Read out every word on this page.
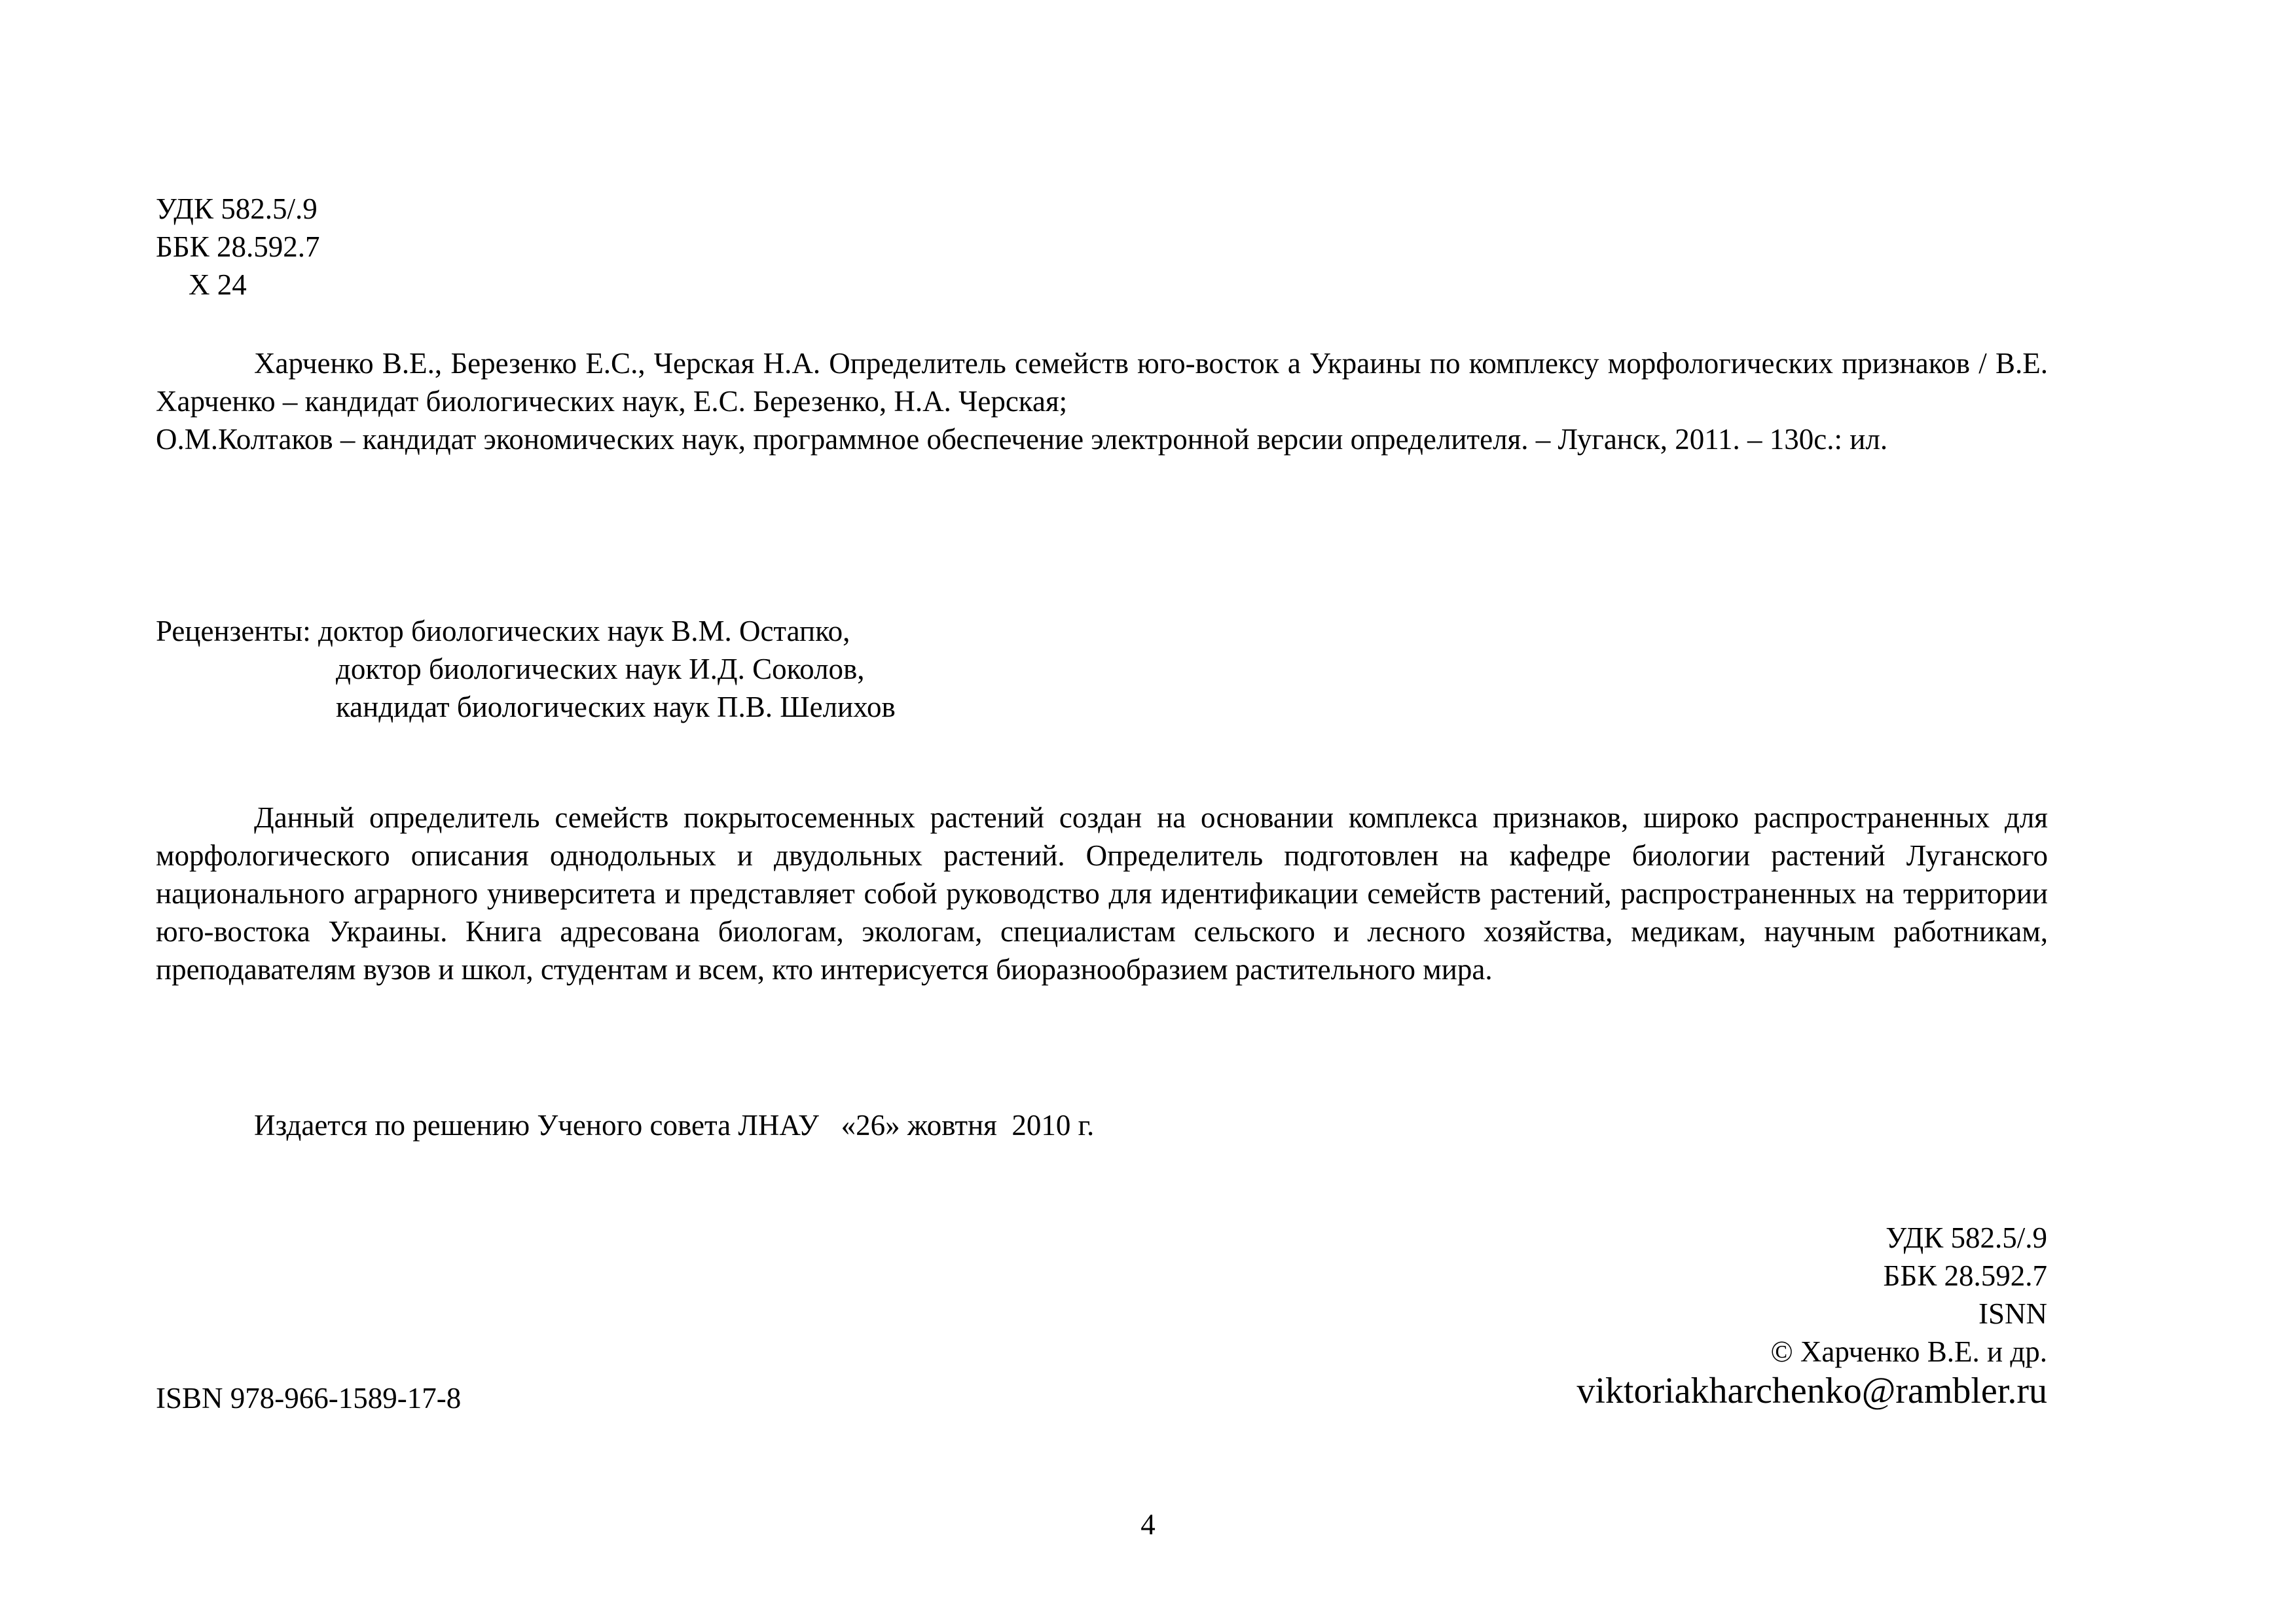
УДК 582.5/.9
ББК 28.592.7
Х 24

Харченко В.Е., Березенко Е.С., Черская Н.А. Определитель семейств юго-восток а Украины по комплексу морфологических признаков / В.Е. Харченко – кандидат биологических наук, Е.С. Березенко, Н.А. Черская;

О.М.Колтаков – кандидат экономических наук, программное обеспечение электронной версии определителя. – Луганск, 2011. – 130с.: ил.

Рецензенты: доктор биологических наук В.М. Остапко,
доктор биологических наук И.Д. Соколов,
кандидат биологических наук П.В. Шелихов
Данный определитель семейств покрытосеменных растений создан на основании комплекса признаков, широко распространенных для морфологического описания однодольных и двудольных растений. Определитель подготовлен на кафедре биологии растений Луганского национального аграрного университета и представляет собой руководство для идентификации семейств растений, распространенных на территории юго-востока Украины. Книга адресована биологам, экологам, специалистам сельского и лесного хозяйства, медикам, научным работникам, преподавателям вузов и школ, студентам и всем, кто интерисуется биоразнообразием растительного мира.
Издается по решению Ученого совета ЛНАУ   «26» жовтня  2010 г.
УДК 582.5/.9
ББК 28.592.7
ISNN
© Харченко В.Е. и др.
viktoriakharchenko@rambler.ru
ISBN 978-966-1589-17-8
4
